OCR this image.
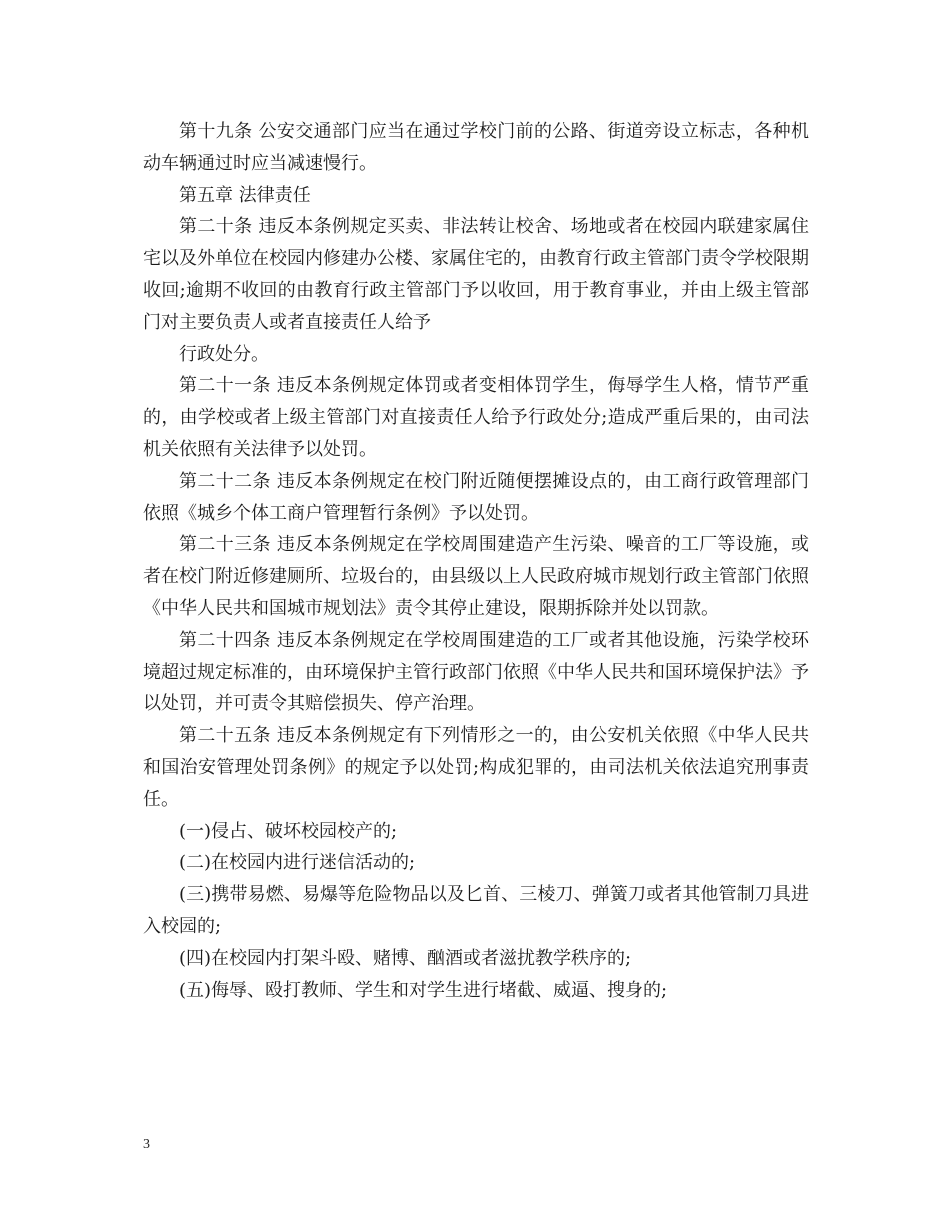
第十九条 公安交通部门应当在通过学校门前的公路、街道旁设立标志，各种机动车辆通过时应当减速慢行。

第五章 法律责任

第二十条 违反本条例规定买卖、非法转让校舍、场地或者在校园内联建家属住宅以及外单位在校园内修建办公楼、家属住宅的，由教育行政主管部门责令学校限期收回;逾期不收回的由教育行政主管部门予以收回，用于教育事业，并由上级主管部门对主要负责人或者直接责任人给予

行政处分。

第二十一条 违反本条例规定体罚或者变相体罚学生，侮辱学生人格，情节严重的，由学校或者上级主管部门对直接责任人给予行政处分;造成严重后果的，由司法机关依照有关法律予以处罚。

第二十二条 违反本条例规定在校门附近随便摆摊设点的，由工商行政管理部门依照《城乡个体工商户管理暂行条例》予以处罚。

第二十三条 违反本条例规定在学校周围建造产生污染、噪音的工厂等设施，或者在校门附近修建厕所、垃圾台的，由县级以上人民政府城市规划行政主管部门依照《中华人民共和国城市规划法》责令其停止建设，限期拆除并处以罚款。

第二十四条 违反本条例规定在学校周围建造的工厂或者其他设施，污染学校环境超过规定标准的，由环境保护主管行政部门依照《中华人民共和国环境保护法》予以处罚，并可责令其赔偿损失、停产治理。

第二十五条 违反本条例规定有下列情形之一的，由公安机关依照《中华人民共和国治安管理处罚条例》的规定予以处罚;构成犯罪的，由司法机关依法追究刑事责任。

(一)侵占、破坏校园校产的;

(二)在校园内进行迷信活动的;

(三)携带易燃、易爆等危险物品以及匕首、三棱刀、弹簧刀或者其他管制刀具进入校园的;

(四)在校园内打架斗殴、赌博、酗酒或者滋扰教学秩序的;

(五)侮辱、殴打教师、学生和对学生进行堵截、威逼、搜身的;

3
